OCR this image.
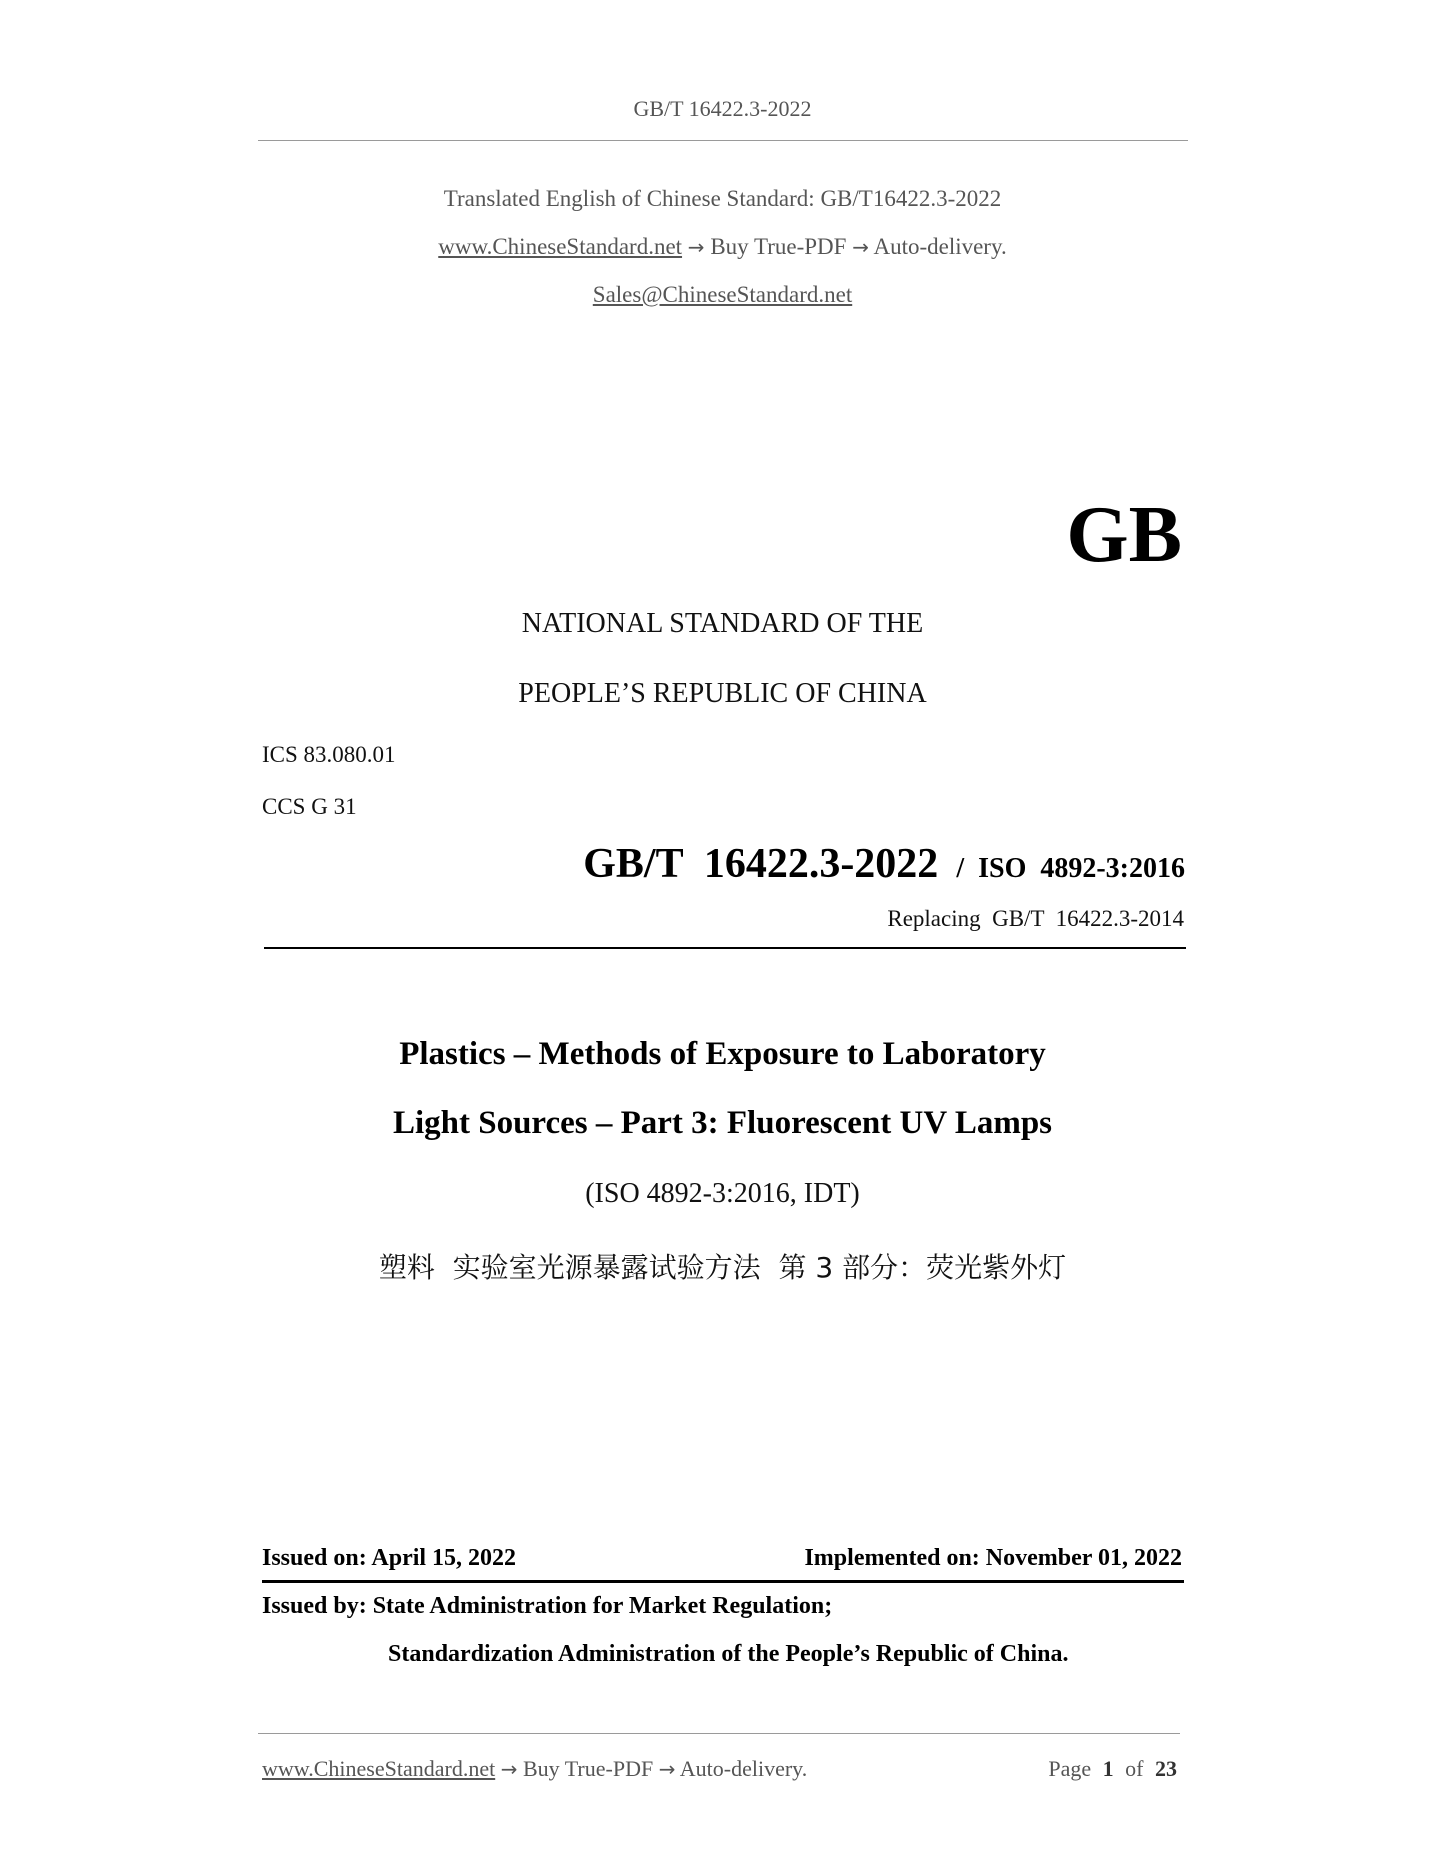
GB/T 16422.3-2022
Translated English of Chinese Standard: GB/T16422.3-2022
www.ChineseStandard.net → Buy True-PDF → Auto-delivery.
Sales@ChineseStandard.net
GB
NATIONAL STANDARD OF THE
PEOPLE’S REPUBLIC OF CHINA
ICS 83.080.01
CCS G 31
GB/T  16422.3-2022 / ISO  4892-3:2016
Replacing  GB/T  16422.3-2014
Plastics – Methods of Exposure to Laboratory
Light Sources – Part 3: Fluorescent UV Lamps
(ISO 4892-3:2016, IDT)
塑料  实验室光源暴露试验方法  第 3 部分：荧光紫外灯
Issued on: April 15, 2022	Implemented on: November 01, 2022
Issued by: State Administration for Market Regulation;
Standardization Administration of the People’s Republic of China.
www.ChineseStandard.net → Buy True-PDF → Auto-delivery.	Page 1 of 23
